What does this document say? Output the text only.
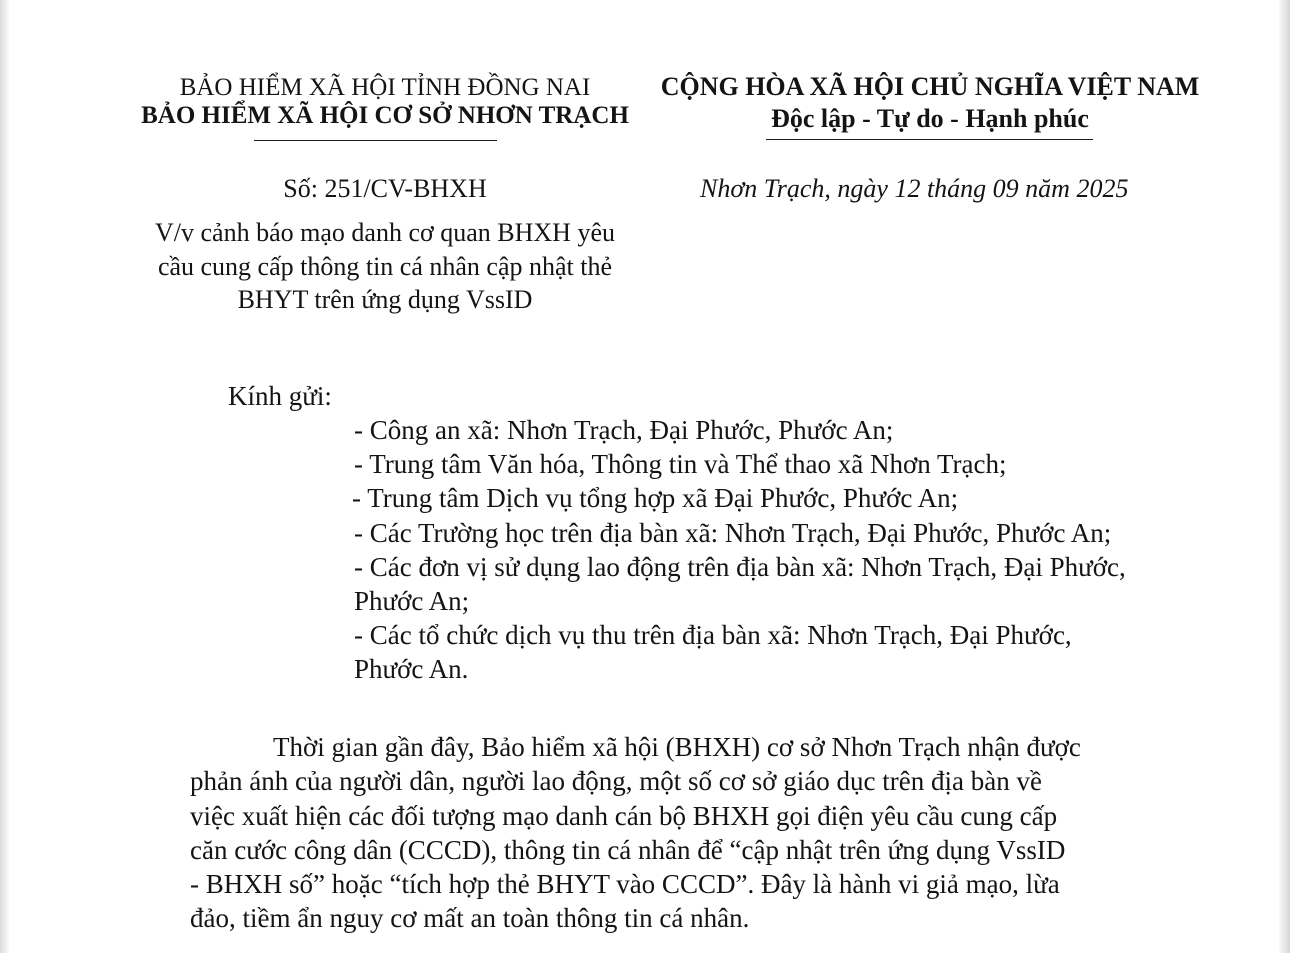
BẢO HIỂM XÃ HỘI TỈNH ĐỒNG NAI
BẢO HIỂM XÃ HỘI CƠ SỞ NHƠN TRẠCH
CỘNG HÒA XÃ HỘI CHỦ NGHĨA VIỆT NAM
Độc lập - Tự do - Hạnh phúc
Số: 251/CV-BHXH	Nhơn Trạch, ngày 12 tháng 09 năm 2025
V/v cảnh báo mạo danh cơ quan BHXH yêu
cầu cung cấp thông tin cá nhân cập nhật thẻ
BHYT trên ứng dụng VssID
Kính gửi:
- Công an xã: Nhơn Trạch, Đại Phước, Phước An;
- Trung tâm Văn hóa, Thông tin và Thể thao xã Nhơn Trạch;
- Trung tâm Dịch vụ tổng hợp xã Đại Phước, Phước An;
- Các Trường học trên địa bàn xã: Nhơn Trạch, Đại Phước, Phước An;
- Các đơn vị sử dụng lao động trên địa bàn xã: Nhơn Trạch, Đại Phước,
Phước An;
- Các tổ chức dịch vụ thu trên địa bàn xã: Nhơn Trạch, Đại Phước,
Phước An.
Thời gian gần đây, Bảo hiểm xã hội (BHXH) cơ sở Nhơn Trạch nhận được
phản ánh của người dân, người lao động, một số cơ sở giáo dục trên địa bàn về
việc xuất hiện các đối tượng mạo danh cán bộ BHXH gọi điện yêu cầu cung cấp
căn cước công dân (CCCD), thông tin cá nhân để “cập nhật trên ứng dụng VssID
- BHXH số” hoặc “tích hợp thẻ BHYT vào CCCD”. Đây là hành vi giả mạo, lừa
đảo, tiềm ẩn nguy cơ mất an toàn thông tin cá nhân.
